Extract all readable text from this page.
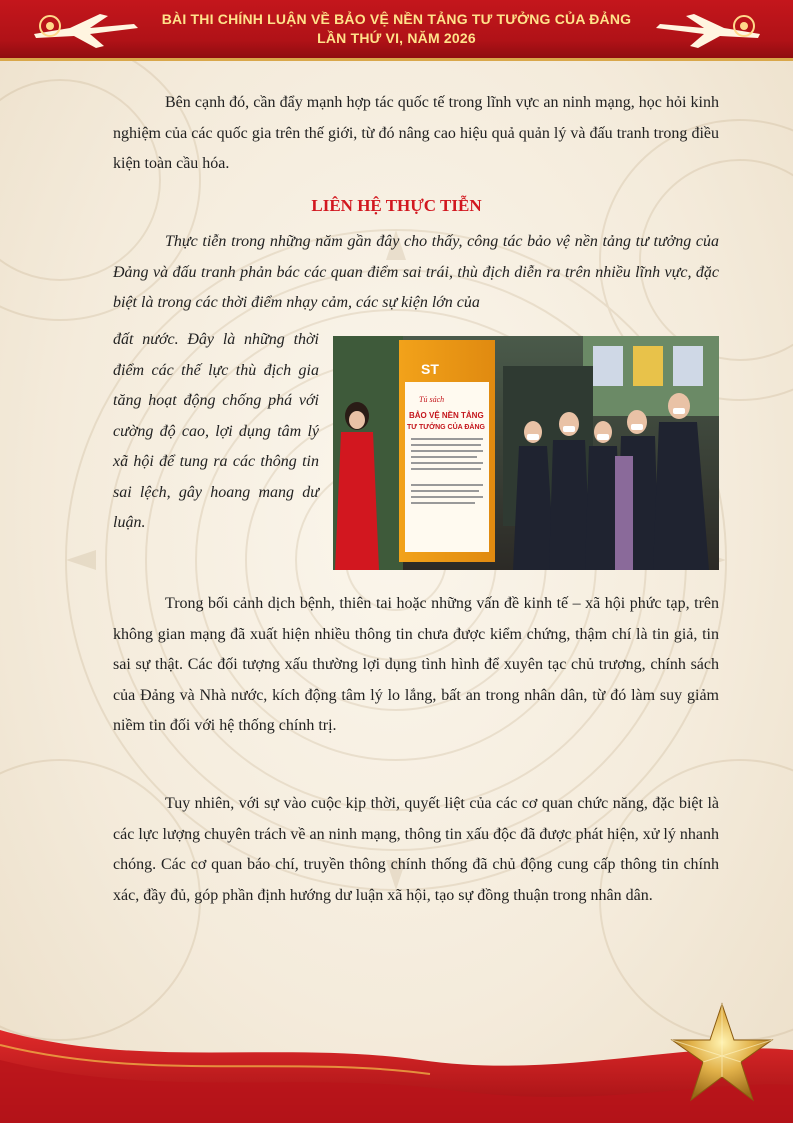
BÀI THI CHÍNH LUẬN VỀ BẢO VỆ NỀN TẢNG TƯ TƯỞNG CỦA ĐẢNG
LẦN THỨ VI, NĂM 2026

Bên cạnh đó, cần đẩy mạnh hợp tác quốc tế trong lĩnh vực an ninh mạng, học hỏi kinh nghiệm của các quốc gia trên thế giới, từ đó nâng cao hiệu quả quản lý và đấu tranh trong điều kiện toàn cầu hóa.

LIÊN HỆ THỰC TIỄN

Thực tiễn trong những năm gần đây cho thấy, công tác bảo vệ nền tảng tư tưởng của Đảng và đấu tranh phản bác các quan điểm sai trái, thù địch diễn ra trên nhiều lĩnh vực, đặc biệt là trong các thời điểm nhạy cảm, các sự kiện lớn của

đất nước. Đây là những thời điểm các thế lực thù địch gia tăng hoạt động chống phá với cường độ cao, lợi dụng tâm lý xã hội để tung ra các thông tin sai lệch, gây hoang mang dư luận.

ST
Tủ sách
BẢO VỆ NỀN TẢNG
TƯ TƯỞNG CỦA ĐẢNG

Trong bối cảnh dịch bệnh, thiên tai hoặc những vấn đề kinh tế – xã hội phức tạp, trên không gian mạng đã xuất hiện nhiều thông tin chưa được kiểm chứng, thậm chí là tin giả, tin sai sự thật. Các đối tượng xấu thường lợi dụng tình hình để xuyên tạc chủ trương, chính sách của Đảng và Nhà nước, kích động tâm lý lo lắng, bất an trong nhân dân, từ đó làm suy giảm niềm tin đối với hệ thống chính trị.

Tuy nhiên, với sự vào cuộc kịp thời, quyết liệt của các cơ quan chức năng, đặc biệt là các lực lượng chuyên trách về an ninh mạng, thông tin xấu độc đã được phát hiện, xử lý nhanh chóng. Các cơ quan báo chí, truyền thông chính thống đã chủ động cung cấp thông tin chính xác, đầy đủ, góp phần định hướng dư luận xã hội, tạo sự đồng thuận trong nhân dân.
